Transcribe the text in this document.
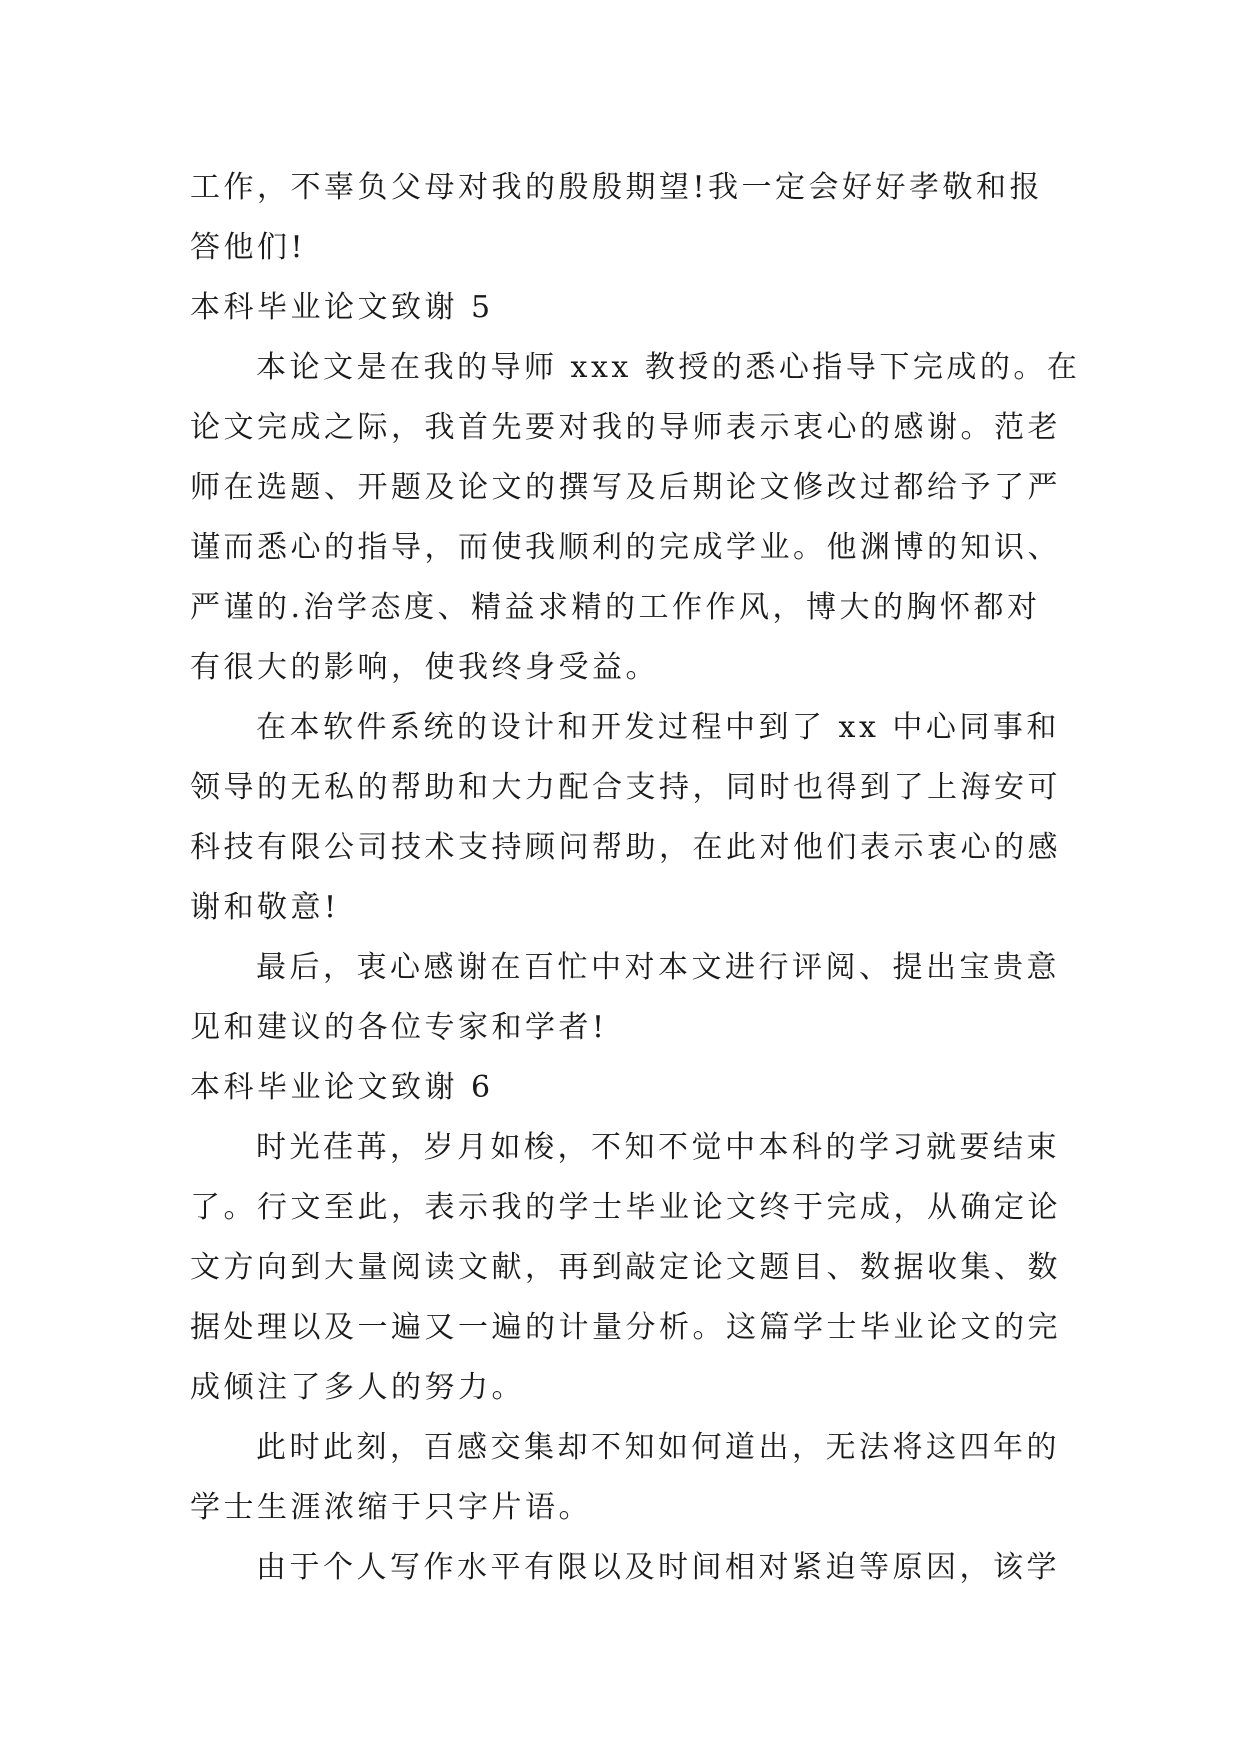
工作，不辜负父母对我的殷殷期望!我一定会好好孝敬和报
答他们!
本科毕业论文致谢 5
本论文是在我的导师 xxx 教授的悉心指导下完成的。在
论文完成之际，我首先要对我的导师表示衷心的感谢。范老
师在选题、开题及论文的撰写及后期论文修改过都给予了严
谨而悉心的指导，而使我顺利的完成学业。他渊博的知识、
严谨的.治学态度、精益求精的工作作风，博大的胸怀都对
有很大的影响，使我终身受益。
在本软件系统的设计和开发过程中到了 xx 中心同事和
领导的无私的帮助和大力配合支持，同时也得到了上海安可
科技有限公司技术支持顾问帮助，在此对他们表示衷心的感
谢和敬意!
最后，衷心感谢在百忙中对本文进行评阅、提出宝贵意
见和建议的各位专家和学者!
本科毕业论文致谢 6
时光荏苒，岁月如梭，不知不觉中本科的学习就要结束
了。行文至此，表示我的学士毕业论文终于完成，从确定论
文方向到大量阅读文献，再到敲定论文题目、数据收集、数
据处理以及一遍又一遍的计量分析。这篇学士毕业论文的完
成倾注了多人的努力。
此时此刻，百感交集却不知如何道出，无法将这四年的
学士生涯浓缩于只字片语。
由于个人写作水平有限以及时间相对紧迫等原因，该学
